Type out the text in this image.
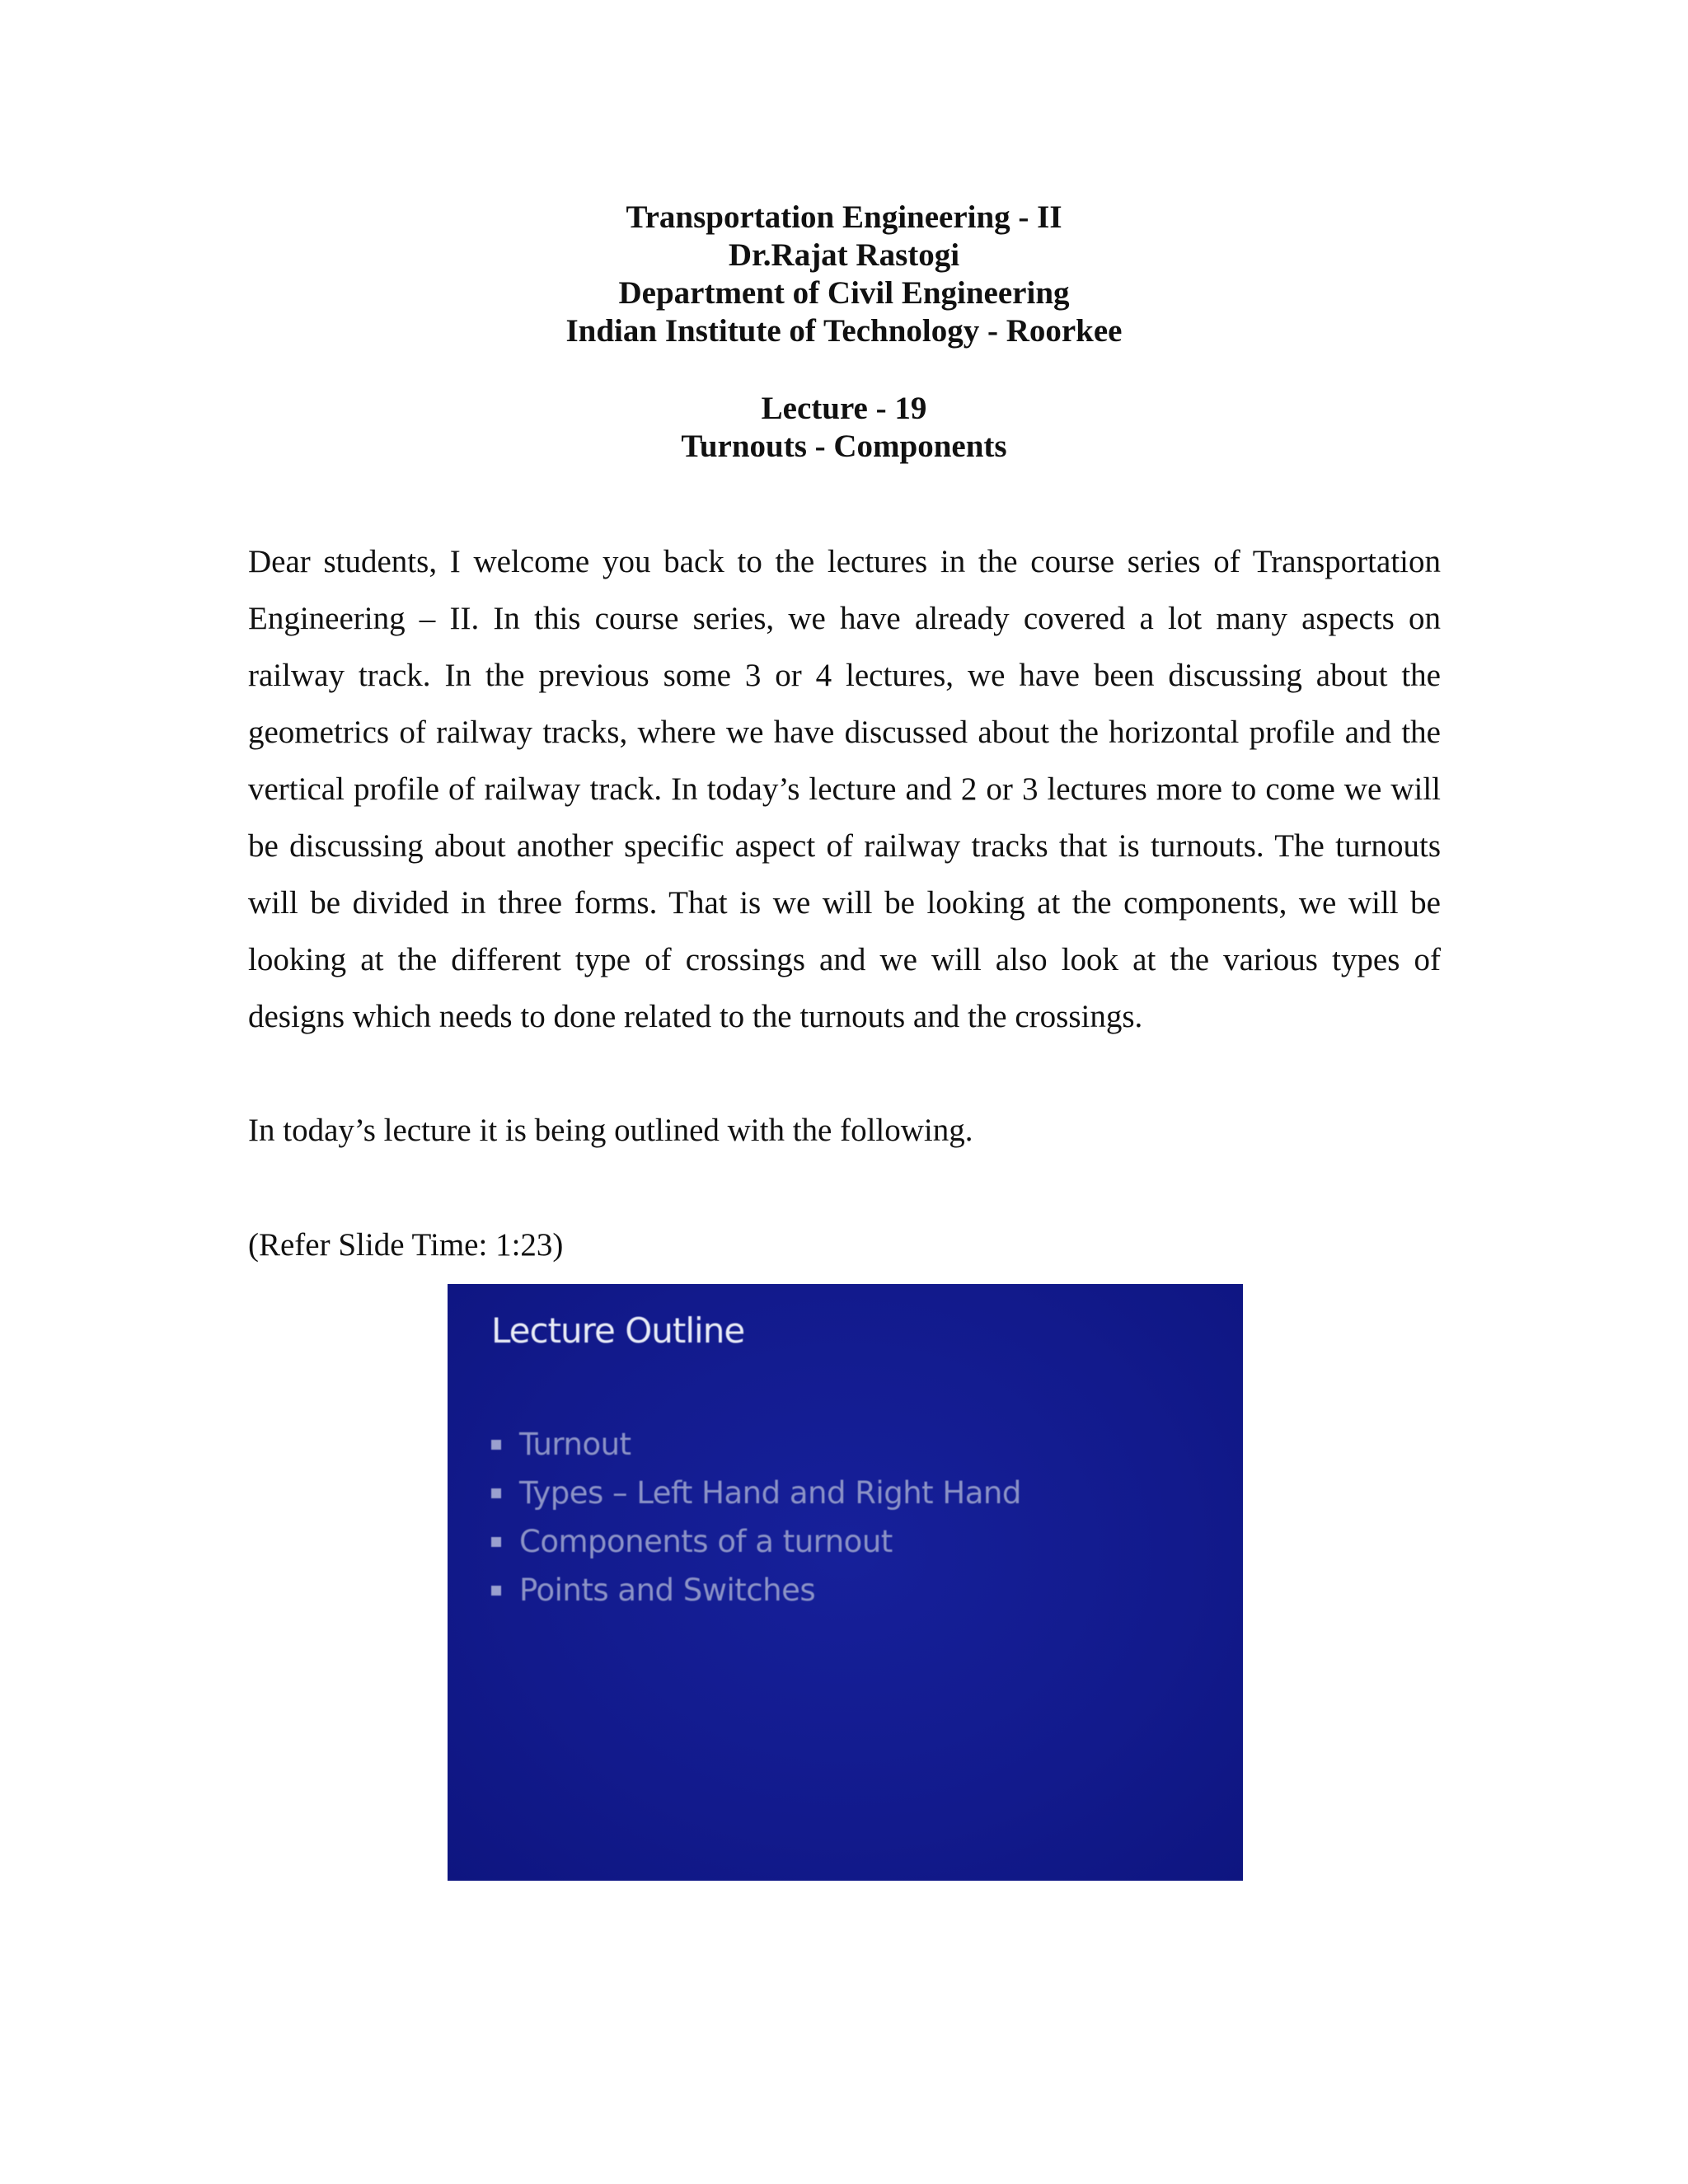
Transportation Engineering - II
Dr.Rajat Rastogi
Department of Civil Engineering
Indian Institute of Technology - Roorkee
Lecture - 19
Turnouts - Components

Dear students, I welcome you back to the lectures in the course series of Transportation Engineering – II. In this course series, we have already covered a lot many aspects on railway track. In the previous some 3 or 4 lectures, we have been discussing about the geometrics of railway tracks, where we have discussed about the horizontal profile and the vertical profile of railway track. In today’s lecture and 2 or 3 lectures more to come we will be discussing about another specific aspect of railway tracks that is turnouts. The turnouts will be divided in three forms. That is we will be looking at the components, we will be looking at the different type of crossings and we will also look at the various types of designs which needs to done related to the turnouts and the crossings.

In today’s lecture it is being outlined with the following.

(Refer Slide Time: 1:23)

Lecture Outline
Turnout
Types – Left Hand and Right Hand
Components of a turnout
Points and Switches
